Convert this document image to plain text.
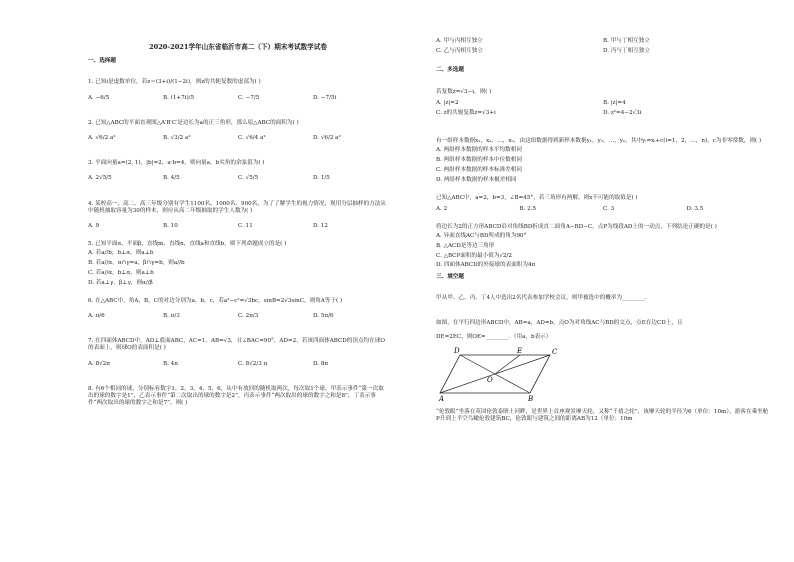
2020-2021学年山东省临沂市高二（下）期末考试数学试卷
一、选择题
1. 已知i是虚数单位，若z＝(3+i)/(1−2i)，则z的共轭复数的虚部为( )
A. −6/5	B. (1+7i)/5	C. −7/5	D. −7/5i
2. 已知△ABC的平面直观图△A′B′C′是边长为a的正三角形，那么原△ABC的面积为( )
A. √6/2 a²	B. √3/2 a²	C. √6/4 a²	D. √6/2 a²
3. 平面向量a=(2, 1)，|b|=2，a·b=4，则向量a，b夹角的余弦值为( )
A. 2√5/5	B. 4/5	C. √5/5	D. 1/5
4. 某校高一、高二、高三年级分别有学生1100名、1000名、900名，为了了解学生的视力情况，现用分层抽样的方法从中随机抽取容量为30的样本，则应从高二年级抽取的学生人数为( )
A. 9	B. 10	C. 11	D. 12
5. 已知平面α，平面β，直线m，直线n，直线a和直线b，则下列命题成立的是( )
A. 若a//b，b⊥α，则a⊥b
B. 若a//α，α∩γ=a，β∩γ=b，则a//b
C. 若a//α，b⊥α，则a⊥b
D. 若a⊥γ，β⊥γ，则α//β
6. 在△ABC中，角A，B，C的对边分别为a，b，c，若a²−c²=√3bc，sinB=2√3sinC，则角A等于( )
A. π/6	B. π/3	C. 2π/3	D. 5π/6
7. 在四面体ABCD中，AD⊥底面ABC，AC=1，AB=√3，且∠BAC=90°，AD=2，若该四面体ABCD的顶点均在球O的表面上，则球O的表面积是( )
A. 8√2π	B. 4π	C. 8√2/3 π	D. 8π
8. 有6个相同的球，分别标有数字1，2，3，4，5，6，从中有放回的随机取两次，每次取1个球，甲表示事件“第一次取出的球的数字是1”，乙表示事件“第二次取出的球的数字是2”，丙表示事件“两次取出的球的数字之和是8”，丁表示事件“两次取出的球的数字之和是7”，则( )
A. 甲与丙相互独立	B. 甲与丁相互独立
C. 乙与丙相互独立	D. 丙与丁相互独立
二、多选题
若复数z=√3−i，则( )
A. |z|=2	B. |z|=4
C. z的共轭复数z=√3+i	D. z²=4−2√3i
有一组样本数据x₁，x₂，…，xₙ，由这组数据得到新样本数据y₁，y₂，…，yₙ，其中yᵢ=xᵢ+c(i=1，2，…，n)，c为非零常数，则( )
A. 两组样本数据的样本平均数相同
B. 两组样本数据的样本中位数相同
C. 两组样本数据的样本标准差相同
D. 两组样本数据的样本极差相同
已知△ABC中，a=2，b=3，∠B=45°，若三角形有两解，则x不可能的取值是( )
A. 2	B. 2.5	C. 3	D. 3.5
将边长为2的正方形ABCD沿对角线BD折成直二面角A−BD−C，点P为线段AD上的一动点，下列结论正确的是( )
A. 异面直线AC与BD所成的角为90°
B. △ACD是等边三角形
C. △BCP面积的最小值为√2/2
D. 四面体ABCD的外接球的表面积为4π
三、填空题
甲从甲、乙、丙、丁4人中选出2名代表参加学校会议，则甲被选中的概率为________．
如图，在平行四边形ABCD中，AB=a，AD=b，点O为对角线AC与BD的交点，点E在边CD上，且
DE=2EC，则OE=________．（用a，b表示）
D	E	C
A	B
O
“伦敦眼”坐落在英国伦敦泰晤士河畔，是世界上首座观景摩天轮，又称“千禧之轮”，该摩天轮的半径为6（单位：10m），游客在乘坐舱P升到上半空鸟瞰伦敦建筑BC，伦敦眼与建筑之间的距离AB为12（单位：10m
